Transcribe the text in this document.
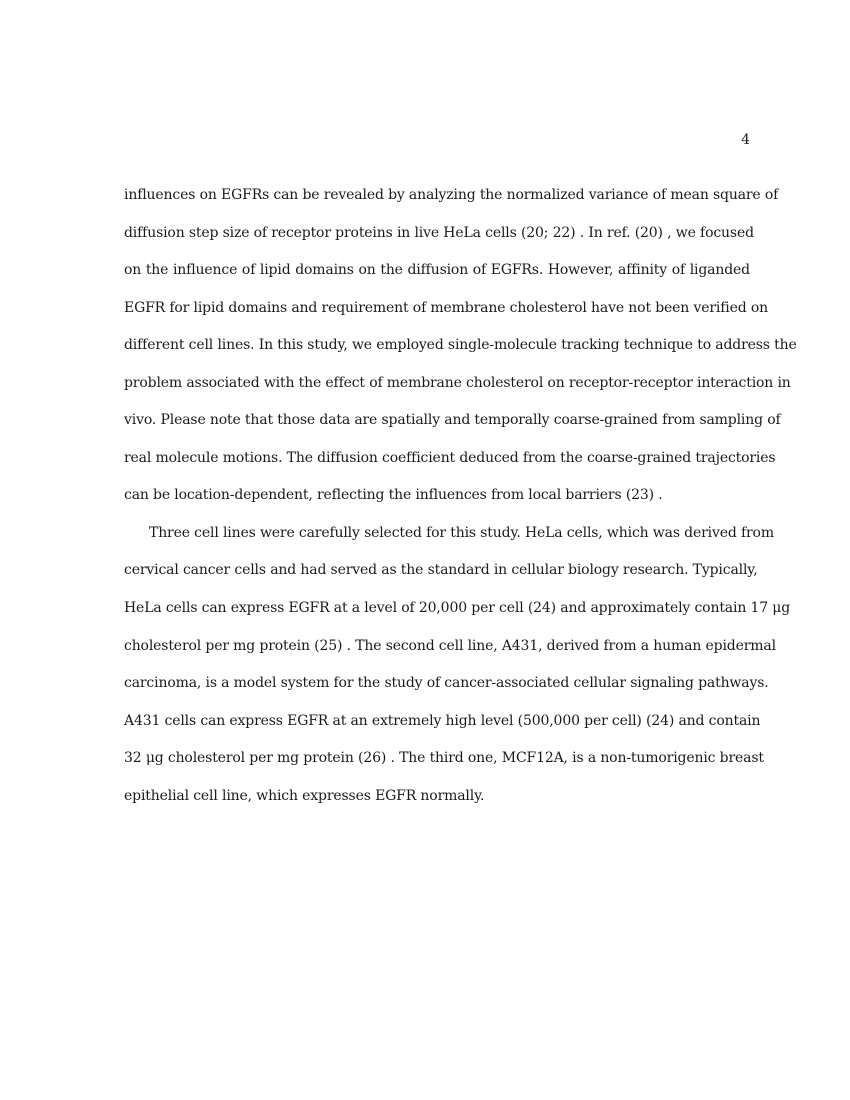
4
influences on EGFRs can be revealed by analyzing the normalized variance of mean square of
diffusion step size of receptor proteins in live HeLa cells (20; 22) . In ref. (20) , we focused
on the influence of lipid domains on the diffusion of EGFRs. However, affinity of liganded
EGFR for lipid domains and requirement of membrane cholesterol have not been verified on
different cell lines. In this study, we employed single-molecule tracking technique to address the
problem associated with the effect of membrane cholesterol on receptor-receptor interaction in
vivo. Please note that those data are spatially and temporally coarse-grained from sampling of
real molecule motions. The diffusion coefficient deduced from the coarse-grained trajectories
can be location-dependent, reflecting the influences from local barriers (23) .
Three cell lines were carefully selected for this study. HeLa cells, which was derived from
cervical cancer cells and had served as the standard in cellular biology research. Typically,
HeLa cells can express EGFR at a level of 20,000 per cell (24) and approximately contain 17 μg
cholesterol per mg protein (25) . The second cell line, A431, derived from a human epidermal
carcinoma, is a model system for the study of cancer-associated cellular signaling pathways.
A431 cells can express EGFR at an extremely high level (500,000 per cell) (24) and contain
32 μg cholesterol per mg protein (26) . The third one, MCF12A, is a non-tumorigenic breast
epithelial cell line, which expresses EGFR normally.
